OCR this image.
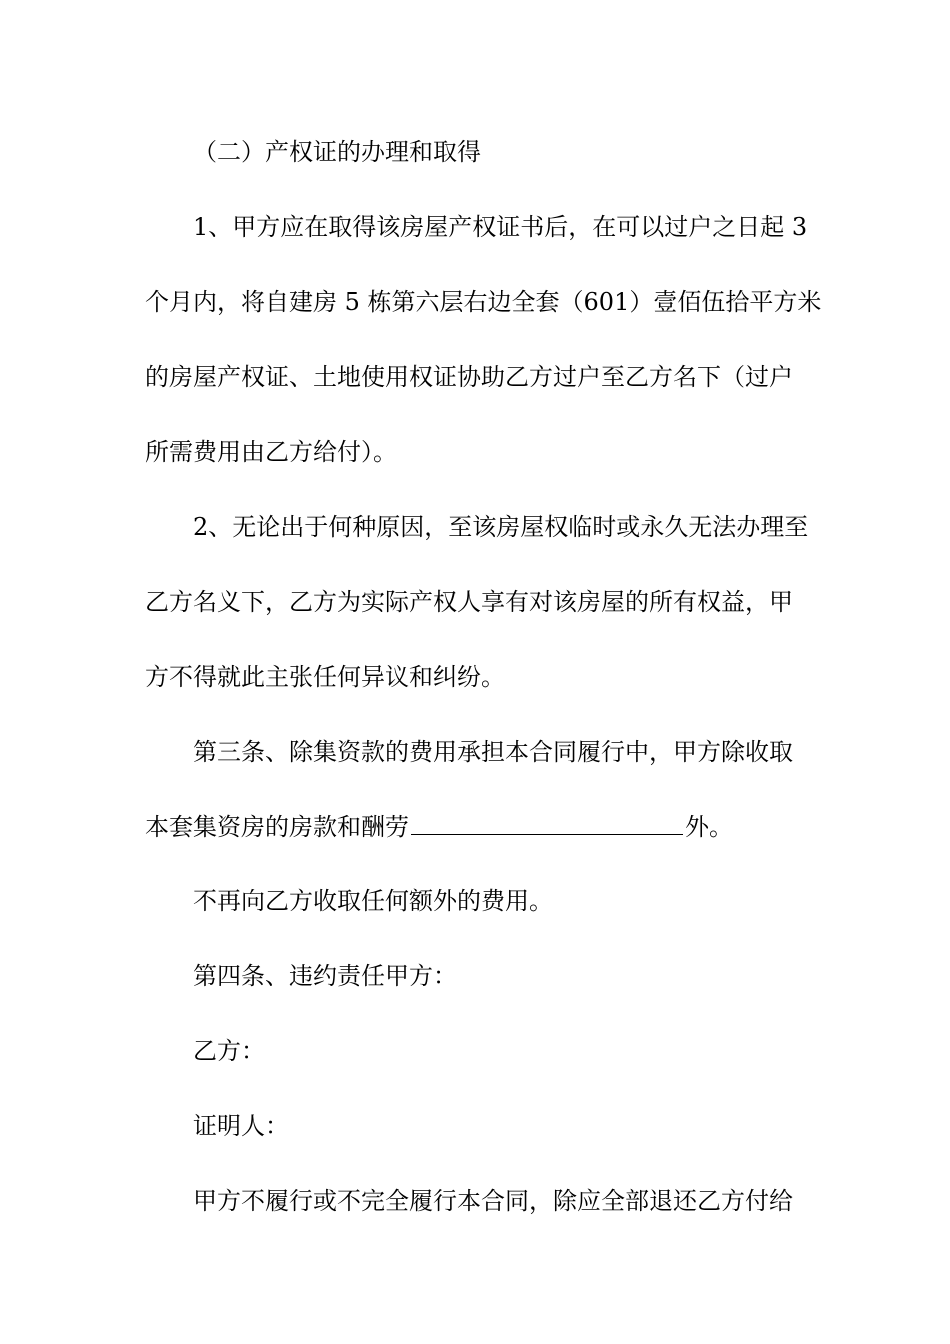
（二）产权证的办理和取得
1、甲方应在取得该房屋产权证书后，在可以过户之日起 3
个月内，将自建房 5 栋第六层右边全套（601）壹佰伍拾平方米
的房屋产权证、土地使用权证协助乙方过户至乙方名下（过户
所需费用由乙方给付）。
2、无论出于何种原因，至该房屋权临时或永久无法办理至
乙方名义下，乙方为实际产权人享有对该房屋的所有权益，甲
方不得就此主张任何异议和纠纷。
第三条、除集资款的费用承担本合同履行中，甲方除收取
本套集资房的房款和酬劳	外。
不再向乙方收取任何额外的费用。
第四条、违约责任甲方：
乙方：
证明人：
甲方不履行或不完全履行本合同，除应全部退还乙方付给
